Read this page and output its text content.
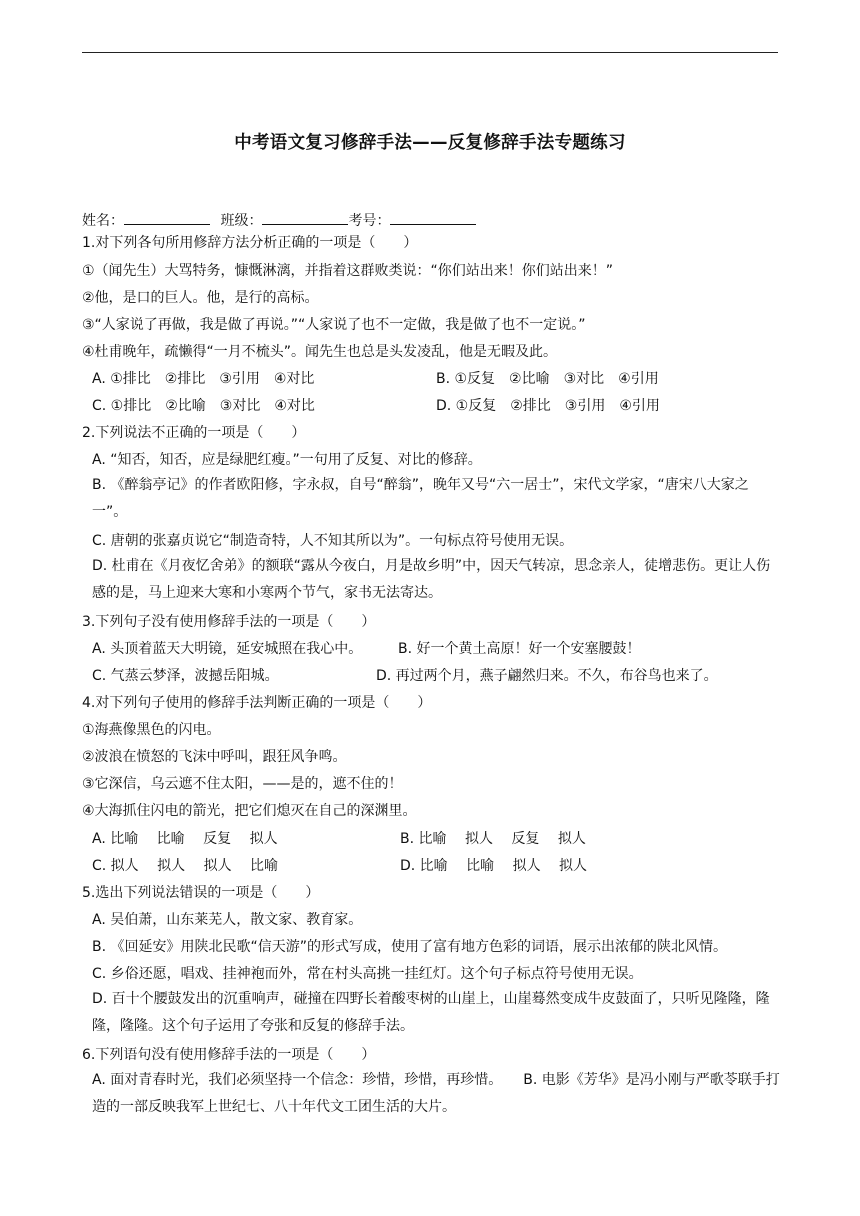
中考语文复习修辞手法——反复修辞手法专题练习
姓名：	班级：	考号：
1.对下列各句所用修辞方法分析正确的一项是（　　）
①（闻先生）大骂特务，慷慨淋漓，并指着这群败类说：“你们站出来！你们站出来！”
②他，是口的巨人。他，是行的高标。
③“人家说了再做，我是做了再说。”“人家说了也不一定做，我是做了也不一定说。”
④杜甫晚年，疏懒得“一月不梳头”。闻先生也总是头发凌乱，他是无暇及此。
A. ①排比　②排比　③引用　④对比	B. ①反复　②比喻　③对比　④引用
C. ①排比　②比喻　③对比　④对比	D. ①反复　②排比　③引用　④引用
2.下列说法不正确的一项是（　　）
A. “知否，知否，应是绿肥红瘦。”一句用了反复、对比的修辞。
B. 《醉翁亭记》的作者欧阳修，字永叔，自号“醉翁”，晚年又号“六一居士”，宋代文学家，“唐宋八大家之一”。
C. 唐朝的张嘉贞说它“制造奇特，人不知其所以为”。一句标点符号使用无误。
D. 杜甫在《月夜忆舍弟》的额联“露从今夜白，月是故乡明”中，因天气转凉，思念亲人，徒增悲伤。更让人伤感的是，马上迎来大寒和小寒两个节气，家书无法寄达。
3.下列句子没有使用修辞手法的一项是（　　）
A. 头顶着蓝天大明镜，延安城照在我心中。	B. 好一个黄土高原！好一个安塞腰鼓！
C. 气蒸云梦泽，波撼岳阳城。	D. 再过两个月，燕子翩然归来。不久，布谷鸟也来了。
4.对下列句子使用的修辞手法判断正确的一项是（　　）
①海燕像黑色的闪电。
②波浪在愤怒的飞沫中呼叫，跟狂风争鸣。
③它深信，乌云遮不住太阳，——是的，遮不住的！
④大海抓住闪电的箭光，把它们熄灭在自己的深渊里。
A. 比喻　 比喻　 反复　 拟人	B. 比喻　 拟人　 反复　 拟人
C. 拟人　 拟人　 拟人　 比喻	D. 比喻　 比喻　 拟人　 拟人
5.选出下列说法错误的一项是（　　）
A. 吴伯萧，山东莱芜人，散文家、教育家。
B. 《回延安》用陕北民歌“信天游”的形式写成，使用了富有地方色彩的词语，展示出浓郁的陕北风情。
C. 乡俗还愿，唱戏、挂神袍而外，常在村头高挑一挂红灯。这个句子标点符号使用无误。
D. 百十个腰鼓发出的沉重响声，碰撞在四野长着酸枣树的山崖上，山崖蓦然变成牛皮鼓面了，只听见隆隆，隆隆，隆隆。这个句子运用了夸张和反复的修辞手法。
6.下列语句没有使用修辞手法的一项是（　　）
A. 面对青春时光，我们必须坚持一个信念：珍惜，珍惜，再珍惜。　　B. 电影《芳华》是冯小刚与严歌苓联手打造的一部反映我军上世纪七、八十年代文工团生活的大片。
